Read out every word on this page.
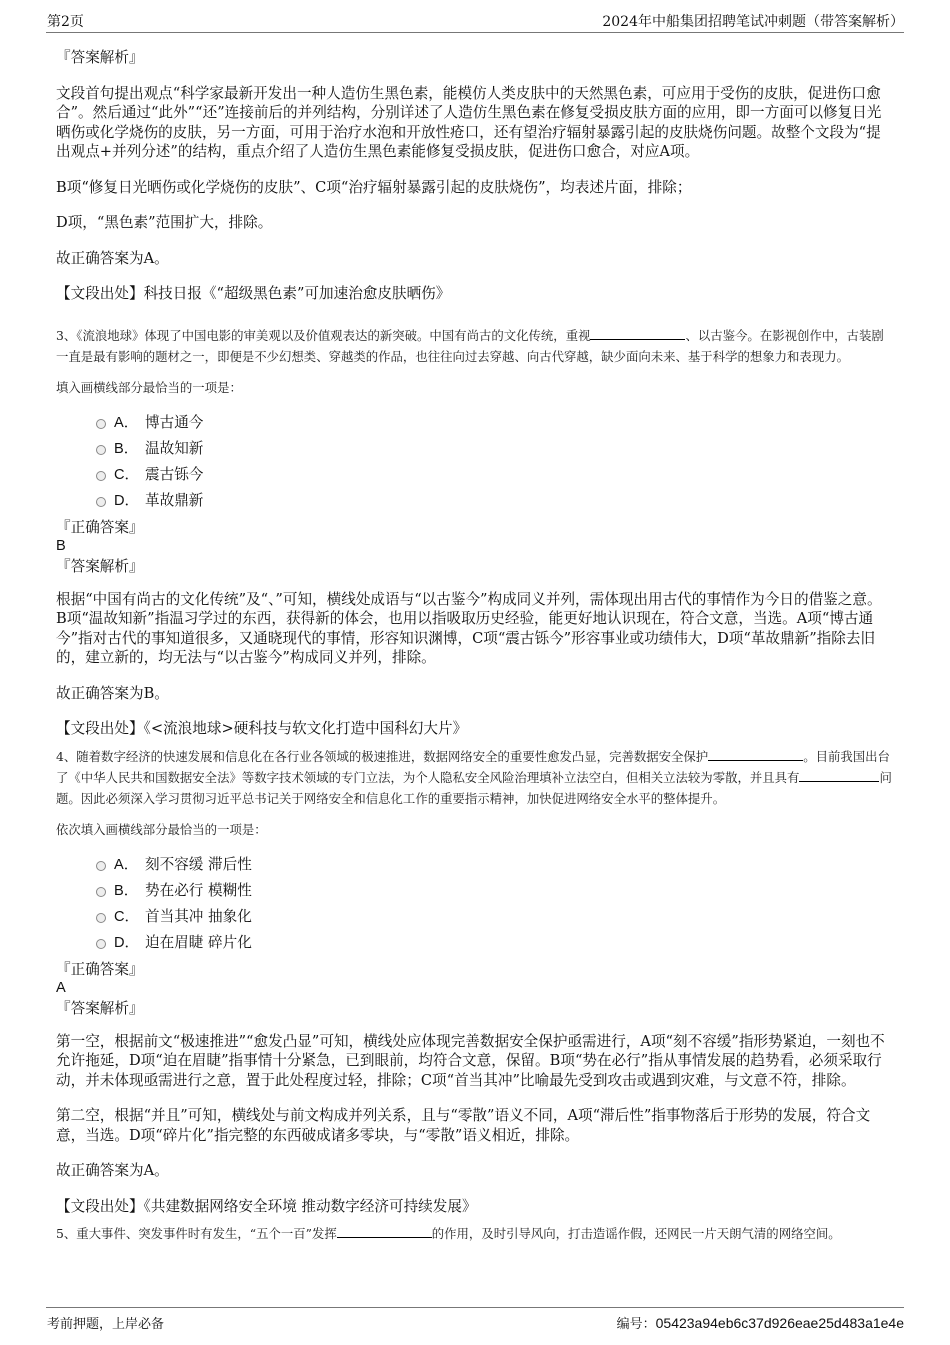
第2页	2024年中船集团招聘笔试冲刺题（带答案解析）

『答案解析』

文段首句提出观点“科学家最新开发出一种人造仿生黑色素，能模仿人类皮肤中的天然黑色素，可应用于受伤的皮肤，促进伤口愈合”。然后通过“此外”“还”连接前后的并列结构，分别详述了人造仿生黑色素在修复受损皮肤方面的应用，即一方面可以修复日光晒伤或化学烧伤的皮肤，另一方面，可用于治疗水泡和开放性疮口，还有望治疗辐射暴露引起的皮肤烧伤问题。故整个文段为“提出观点+并列分述”的结构，重点介绍了人造仿生黑色素能修复受损皮肤，促进伤口愈合，对应A项。

B项“修复日光晒伤或化学烧伤的皮肤”、C项“治疗辐射暴露引起的皮肤烧伤”，均表述片面，排除；

D项，“黑色素”范围扩大，排除。

故正确答案为A。

【文段出处】科技日报《“超级黑色素”可加速治愈皮肤晒伤》

3、《流浪地球》体现了中国电影的审美观以及价值观表达的新突破。中国有尚古的文化传统，重视	、以古鉴今。在影视创作中，古装剧一直是最有影响的题材之一，即便是不少幻想类、穿越类的作品，也往往向过去穿越、向古代穿越，缺少面向未来、基于科学的想象力和表现力。

填入画横线部分最恰当的一项是：

A． 博古通今
B． 温故知新
C． 震古铄今
D． 革故鼎新

『正确答案』

B

『答案解析』

根据“中国有尚古的文化传统”及“、”可知，横线处成语与“以古鉴今”构成同义并列，需体现出用古代的事情作为今日的借鉴之意。B项“温故知新”指温习学过的东西，获得新的体会，也用以指吸取历史经验，能更好地认识现在，符合文意，当选。A项“博古通今”指对古代的事知道很多，又通晓现代的事情，形容知识渊博，C项“震古铄今”形容事业或功绩伟大，D项“革故鼎新”指除去旧的，建立新的，均无法与“以古鉴今”构成同义并列，排除。

故正确答案为B。

【文段出处】《<流浪地球>硬科技与软文化打造中国科幻大片》

4、随着数字经济的快速发展和信息化在各行业各领域的极速推进，数据网络安全的重要性愈发凸显，完善数据安全保护	。目前我国出台了《中华人民共和国数据安全法》等数字技术领域的专门立法，为个人隐私安全风险治理填补立法空白，但相关立法较为零散，并且具有	问题。因此必须深入学习贯彻习近平总书记关于网络安全和信息化工作的重要指示精神，加快促进网络安全水平的整体提升。

依次填入画横线部分最恰当的一项是：

A． 刻不容缓 滞后性
B． 势在必行 模糊性
C． 首当其冲 抽象化
D． 迫在眉睫 碎片化

『正确答案』

A

『答案解析』

第一空，根据前文“极速推进”“愈发凸显”可知，横线处应体现完善数据安全保护亟需进行，A项“刻不容缓”指形势紧迫，一刻也不允许拖延，D项“迫在眉睫”指事情十分紧急，已到眼前，均符合文意，保留。B项“势在必行”指从事情发展的趋势看，必须采取行动，并未体现亟需进行之意，置于此处程度过轻，排除；C项“首当其冲”比喻最先受到攻击或遇到灾难，与文意不符，排除。

第二空，根据“并且”可知，横线处与前文构成并列关系，且与“零散”语义不同，A项“滞后性”指事物落后于形势的发展，符合文意，当选。D项“碎片化”指完整的东西破成诸多零块，与“零散”语义相近，排除。

故正确答案为A。

【文段出处】《共建数据网络安全环境 推动数字经济可持续发展》

5、重大事件、突发事件时有发生，“五个一百”发挥	的作用，及时引导风向，打击造谣作假，还网民一片天朗气清的网络空间。

考前押题，上岸必备	编号：05423a94eb6c37d926eae25d483a1e4e
